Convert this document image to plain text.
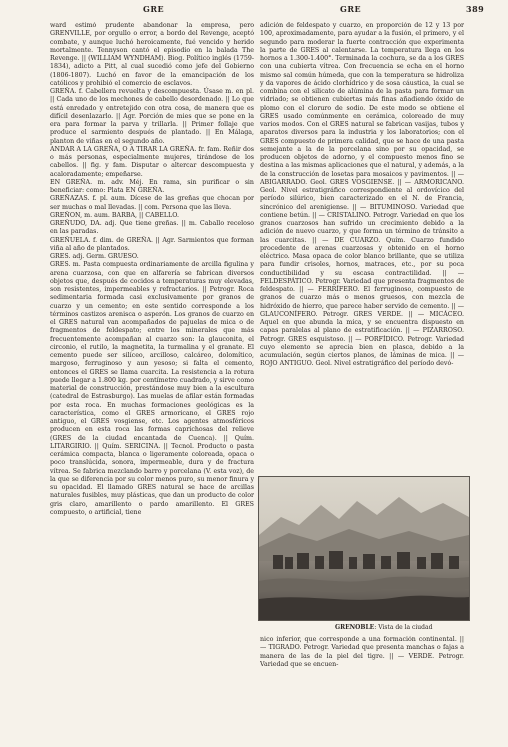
GRE	GRE	389

ward estimó prudente abandonar la empresa, pero GRENVILLE, por orgullo o error, a bordo del Revenge, aceptó combate, y aunque luchó heroicamente, fué vencido y herido mortalmente. Tennyson cantó el episodio en la balada The Revenge. || (WILLIAM WYNDHAM). Biog. Político inglés (1759-1834), adicto a Pitt, al cual sucedió como jefe del Gobierno (1806-1807). Luchó en favor de la emancipación de los católicos y prohibió el comercio de esclavos.

GREÑA. f. Cabellera revuelta y descompuesta. Úsase m. en pl. || Cada uno de los mechones de cabello desordenado. || Lo que está enredado y entretejido con otra cosa, de manera que es difícil desenlazarlo. || Agr. Porción de mies que se pone en la era para formar la parva y trillarla. || Primer follaje que produce el sarmiento después de plantado. || En Málaga, planton de viñas en el segundo año.

ANDAR A LA GREÑA, O A TIRAR LA GREÑA. fr. fam. Reñir dos o más personas, especialmente mujeres, tirándose de los cabellos. || fig. y fam. Disputar o altercar descompuesta y acaloradamente; empeñarse.

EN GREÑA. m. adv. Méj. En rama, sin purificar o sin beneficiar: como: Plata EN GREÑA.

GREÑAZAS. f. pl. aum. Dícese de las greñas que chocan por ser muchas o mal llevadas. || com. Persona que las lleva.

GREÑON, m. aum. BARBA, || CABELLO.

GREÑUDO, DA. adj. Que tiene greñas. || m. Caballo receloso en las paradas.

GREÑUELA. f. dim. de GREÑA. || Agr. Sarmientos que forman viña al año de plantados.

GRES. adj. Germ. GRUESO.

GRES. m. Pasta compuesta ordinariamente de arcilla figulina y arena cuarzosa, con que en alfarería se fabrican diversos objetos que, después de cocidos a temperaturas muy elevadas, son resistentes, impermeables y refractarios. || Petrogr. Roca sedimentaria formada casi exclusivamente por granos de cuarzo y un cemento; en este sentido corresponde a los términos castizos arenisca o asperón. Los granos de cuarzo en el GRES natural van acompañados de pajuelas de mica o de fragmentos de feldespato; entre los minerales que más frecuentemente acompañan al cuarzo son: la glauconita, el circonio, el rutilo, la magnetita, la turmalina y el granate. El cemento puede ser silíceo, arcilloso, calcáreo, dolomítico, margoso, ferruginoso y aun yesoso; si falta el cemento, entonces el GRES se llama cuarcita. La resistencia a la rotura puede llegar a 1.800 kg. por centímetro cuadrado, y sirve como material de construcción, prestándose muy bien a la escultura (catedral de Estrasburgo). Las muelas de afilar están formadas por esta roca. En muchas formaciones geológicas es la característica, como el GRES armoricano, el GRES rojo antiguo, el GRES vosgiense, etc. Los agentes atmosféricos producen en esta roca las formas caprichosas del relieve (GRES de la ciudad encantada de Cuenca). || Quím. LITARGIRIO. || Quím. SERICINA. || Tecnol. Producto o pasta cerámica compacta, blanca o ligeramente coloreada, opaca o poco translúcida, sonora, impermeable, dura y de fractura vítrea. Se fabrica mezclando barro y porcelana (V. esta voz), de la que se diferencia por su color menos puro, su menor finura y su opacidad. El llamado GRES natural se hace de arcillas naturales fusibles, muy plásticas, que dan un producto de color gris claro, amarillento o pardo amarillento. El GRES compuesto, o artificial, tiene

adición de feldespato y cuarzo, en proporción de 12 y 13 por 100, aproximadamente, para ayudar a la fusión, el primero, y el segundo para moderar la fuerte contracción que experimenta la parte de GRES al calentarse. La temperatura llega en los hornos a 1.300-1.400°. Terminada la cochura, se da a los GRES con una cubierta vítrea. Con frecuencia se echa en el horno mismo sal común húmeda, que con la temperatura se hidroliza y da vapores de ácido clorhídrico y de sosa cáustica, la cual se combina con el silicato de alúmina de la pasta para formar un vidriado; se obtienen cubiertas más finas añadiendo óxido de plomo con el cloruro de sodio. De este modo se obtiene el GRES usado comúnmente en cerámica, coloreado de muy varios modos. Con el GRES natural se fabrican vasijas, tubos y aparatos diversos para la industria y los laboratorios; con el GRES compuesto de primera calidad, que se hace de una pasta semejante a la de la porcelana sino por su opacidad, se producen objetos de adorno, y el compuesto menos fino se destina a las mismas aplicaciones que el natural, y además, a la de la construcción de losetas para mosaicos y pavimentos. || — ABIGARRADO. Geol. GRES VOSGIENSE. || — ARMORICANO. Geol. Nivel estratigráfico correspondiente al ordovícico del período silúrico, bien caracterizado en el N. de Francia, sincrónico del arenigiense. || — BITUMINOSO. Variedad que contiene betún. || — CRISTALINO. Petrogr. Variedad en que los granos cuarzosos han sufrido un crecimiento debido a la adición de nuevo cuarzo, y que forma un término de tránsito a las cuarcitas. || — DE CUARZO. Quím. Cuarzo fundido procedente de arenas cuarzosas y obtenido en el horno eléctrico. Masa opaca de color blanco brillante, que se utiliza para fundir crisoles, hornos, matraces, etc., por su poca conductibilidad y su escasa contractilidad. || — FELDESPÁTICO. Petrogr. Variedad que presenta fragmentos de feldespato. || — FERRÍFERO. El ferruginoso, compuesto de granos de cuarzo más o menos gruesos, con mezcla de hidróxido de hierro, que parece haber servido de cemento. || — GLAUCONÍFERO. Petrogr. GRES VERDE. || — MICÁCEO. Aquel en que abunda la mica, y se encuentra dispuesto en capas paralelas al plano de estratificación. || — PIZARROSO. Petrogr. GRES esquistoso. || — PORFÍDICO. Petrogr. Variedad cuyo elemento se aprecia bien en plasca, debido a la acumulación, según ciertos planos, de láminas de mica. || — ROJO ANTIGUO. Geol. Nivel estratigráfico del período devó-

GRENOBLE: Vista de la ciudad

nico inferior, que corresponde a una formación continental. || — TIGRADO. Petrogr. Variedad que presenta manchas o fajas a manera de las de la piel del tigre. || — VERDE. Petrogr. Variedad que se encuen-
